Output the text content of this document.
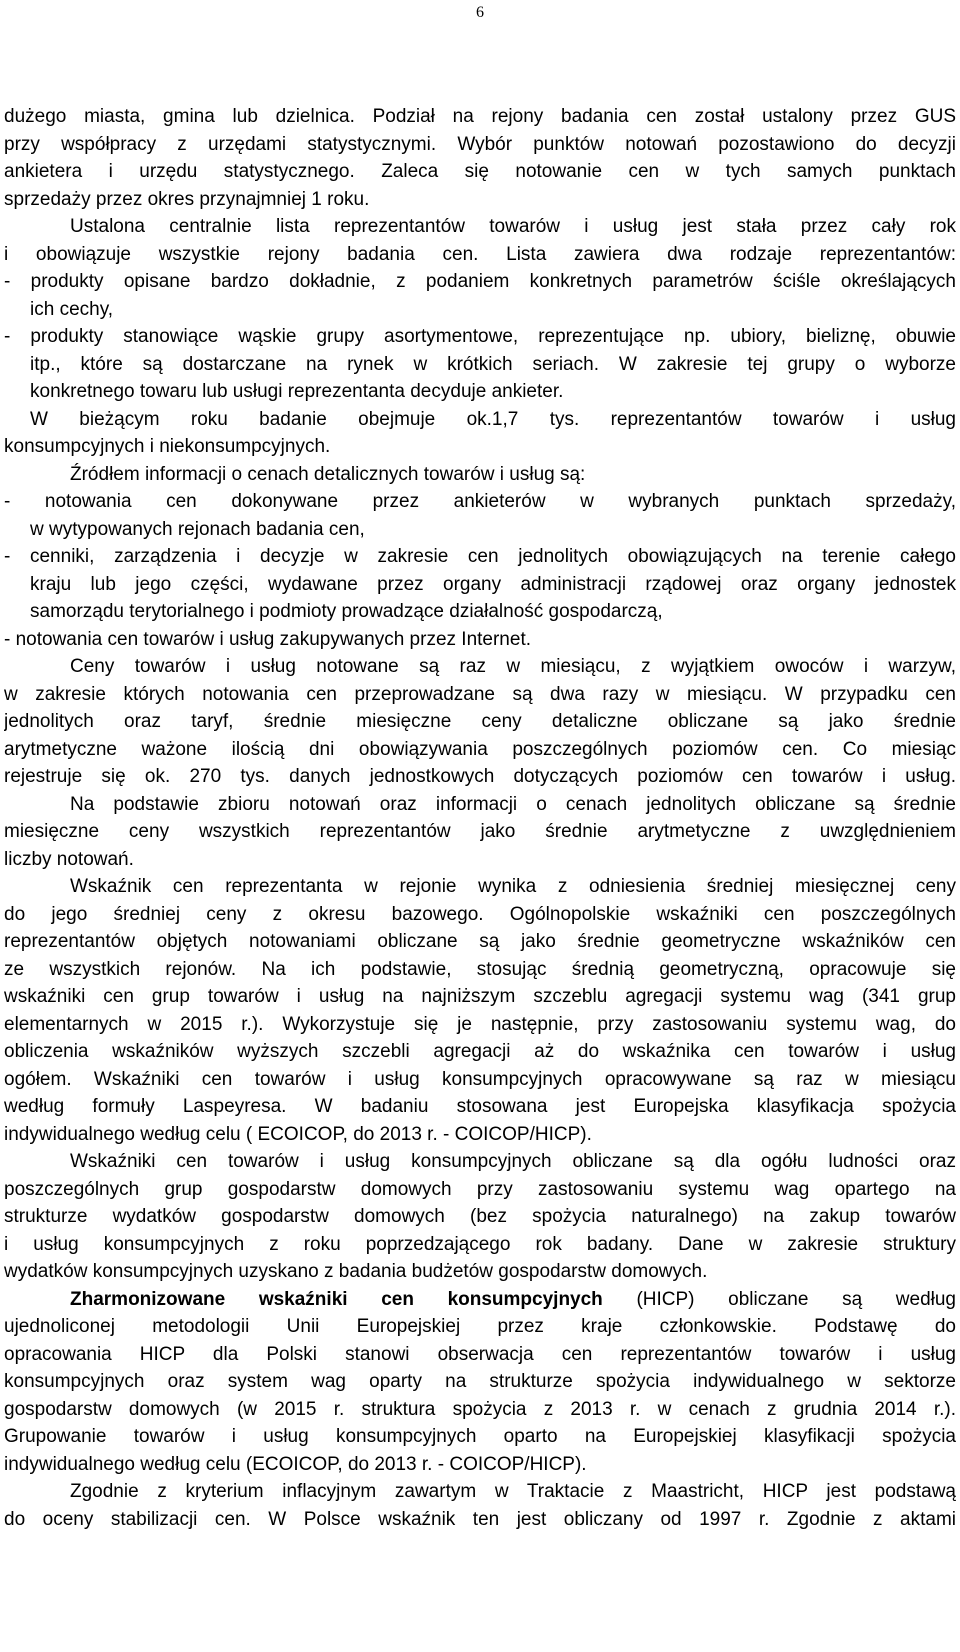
6
dużego miasta, gmina lub dzielnica. Podział na rejony badania cen został ustalony przez GUS
przy współpracy z urzędami statystycznymi. Wybór punktów notowań pozostawiono do decyzji
ankietera i urzędu statystycznego. Zaleca się notowanie cen w tych samych punktach
sprzedaży przez okres przynajmniej 1 roku.
Ustalona centralnie lista reprezentantów towarów i usług jest stała przez cały rok
i obowiązuje wszystkie rejony badania cen. Lista zawiera dwa rodzaje reprezentantów:
- produkty opisane bardzo dokładnie, z podaniem konkretnych parametrów ściśle określających
ich cechy,
- produkty stanowiące wąskie grupy asortymentowe, reprezentujące np. ubiory, bieliznę, obuwie
itp., które są dostarczane na rynek w krótkich seriach. W zakresie tej grupy o wyborze
konkretnego towaru lub usługi reprezentanta decyduje ankieter.
W bieżącym roku badanie obejmuje ok.1,7 tys. reprezentantów towarów i usług
konsumpcyjnych i niekonsumpcyjnych.
Źródłem informacji o cenach detalicznych towarów i usług są:
- notowania cen dokonywane przez ankieterów w wybranych punktach sprzedaży,
w wytypowanych rejonach badania cen,
- cenniki, zarządzenia i decyzje w zakresie cen jednolitych obowiązujących na terenie całego
kraju lub jego części, wydawane przez organy administracji rządowej oraz organy jednostek
samorządu terytorialnego i podmioty prowadzące działalność gospodarczą,
- notowania cen towarów i usług zakupywanych przez Internet.
Ceny towarów i usług notowane są raz w miesiącu, z wyjątkiem owoców i warzyw,
w zakresie których notowania cen przeprowadzane są dwa razy w miesiącu. W przypadku cen
jednolitych oraz taryf, średnie miesięczne ceny detaliczne obliczane są jako średnie
arytmetyczne ważone ilością dni obowiązywania poszczególnych poziomów cen. Co miesiąc
rejestruje się ok. 270 tys. danych jednostkowych dotyczących poziomów cen towarów i usług.
Na podstawie zbioru notowań oraz informacji o cenach jednolitych obliczane są średnie
miesięczne ceny wszystkich reprezentantów jako średnie arytmetyczne z uwzględnieniem
liczby notowań.
Wskaźnik cen reprezentanta w rejonie wynika z odniesienia średniej miesięcznej ceny
do jego średniej ceny z okresu bazowego. Ogólnopolskie wskaźniki cen poszczególnych
reprezentantów objętych notowaniami obliczane są jako średnie geometryczne wskaźników cen
ze wszystkich rejonów. Na ich podstawie, stosując średnią geometryczną, opracowuje się
wskaźniki cen grup towarów i usług na najniższym szczeblu agregacji systemu wag (341 grup
elementarnych w 2015 r.). Wykorzystuje się je następnie, przy zastosowaniu systemu wag, do
obliczenia wskaźników wyższych szczebli agregacji aż do wskaźnika cen towarów i usług
ogółem. Wskaźniki cen towarów i usług konsumpcyjnych opracowywane są raz w miesiącu
według formuły Laspeyresa. W badaniu stosowana jest Europejska klasyfikacja spożycia
indywidualnego według celu ( ECOICOP, do 2013 r. - COICOP/HICP).
Wskaźniki cen towarów i usług konsumpcyjnych obliczane są dla ogółu ludności oraz
poszczególnych grup gospodarstw domowych przy zastosowaniu systemu wag opartego na
strukturze wydatków gospodarstw domowych (bez spożycia naturalnego) na zakup towarów
i usług konsumpcyjnych z roku poprzedzającego rok badany. Dane w zakresie struktury
wydatków konsumpcyjnych uzyskano z badania budżetów gospodarstw domowych.
Zharmonizowane wskaźniki cen konsumpcyjnych (HICP) obliczane są według
ujednoliconej metodologii Unii Europejskiej przez kraje członkowskie. Podstawę do
opracowania HICP dla Polski stanowi obserwacja cen reprezentantów towarów i usług
konsumpcyjnych oraz system wag oparty na strukturze spożycia indywidualnego w sektorze
gospodarstw domowych (w 2015 r. struktura spożycia z 2013 r. w cenach z grudnia 2014 r.).
Grupowanie towarów i usług konsumpcyjnych oparto na Europejskiej klasyfikacji spożycia
indywidualnego według celu (ECOICOP, do 2013 r. - COICOP/HICP).
Zgodnie z kryterium inflacyjnym zawartym w Traktacie z Maastricht, HICP jest podstawą
do oceny stabilizacji cen. W Polsce wskaźnik ten jest obliczany od 1997 r. Zgodnie z aktami
